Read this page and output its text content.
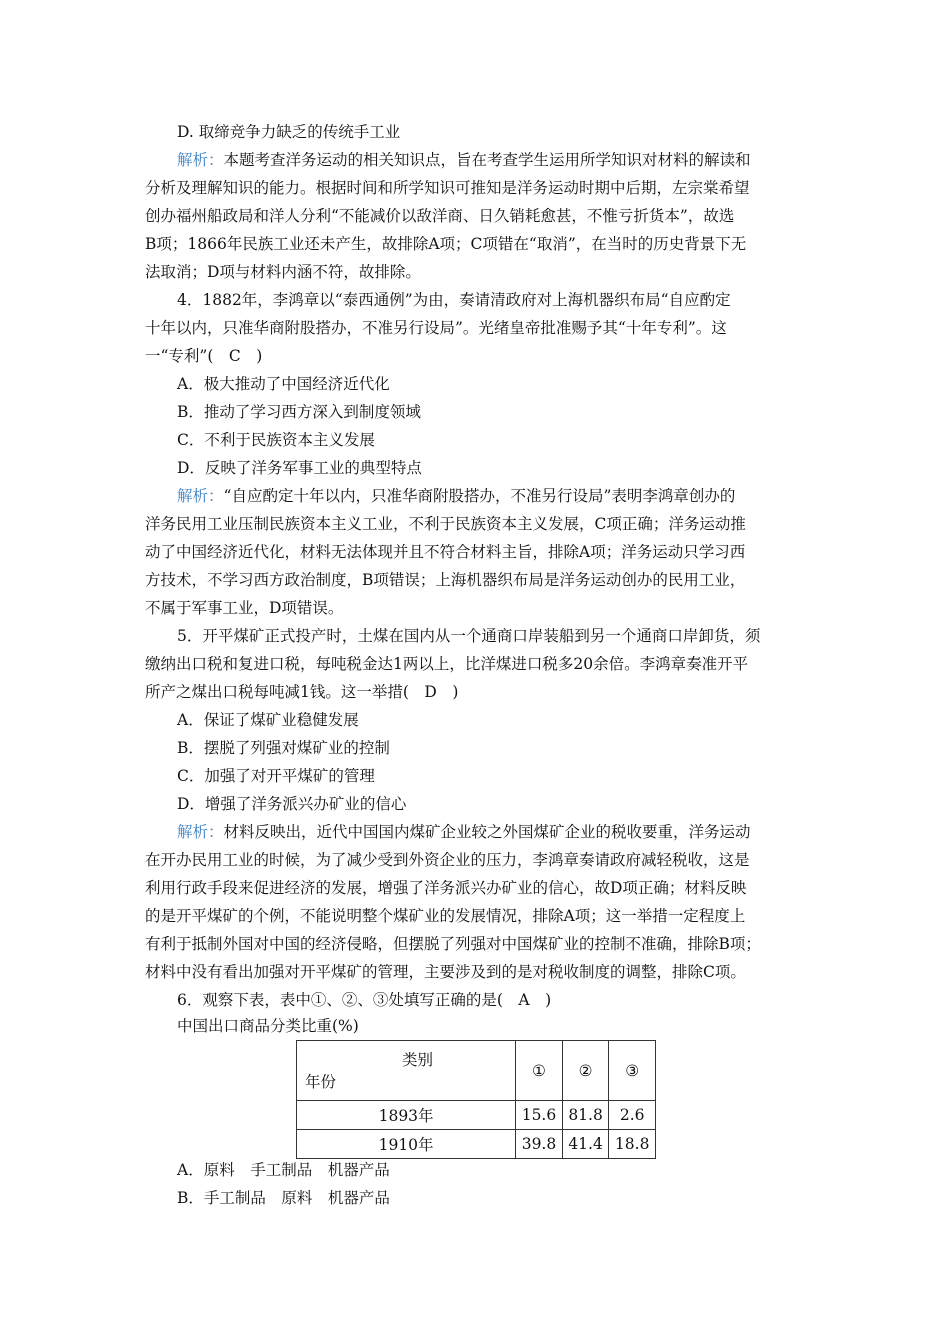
D. 取缔竞争力缺乏的传统手工业
解析：本题考查洋务运动的相关知识点，旨在考查学生运用所学知识对材料的解读和
分析及理解知识的能力。根据时间和所学知识可推知是洋务运动时期中后期，左宗棠希望
创办福州船政局和洋人分利“不能减价以敌洋商、日久销耗愈甚，不惟亏折货本”，故选
B项；1866年民族工业还未产生，故排除A项；C项错在“取消”，在当时的历史背景下无
法取消；D项与材料内涵不符，故排除。
4．1882年，李鸿章以“泰西通例”为由，奏请清政府对上海机器织布局“自应酌定
十年以内，只准华商附股搭办，不准另行设局”。光绪皇帝批准赐予其“十年专利”。这
一“专利”(　C　)
A．极大推动了中国经济近代化
B．推动了学习西方深入到制度领域
C．不利于民族资本主义发展
D．反映了洋务军事工业的典型特点
解析：“自应酌定十年以内，只准华商附股搭办，不准另行设局”表明李鸿章创办的
洋务民用工业压制民族资本主义工业，不利于民族资本主义发展，C项正确；洋务运动推
动了中国经济近代化，材料无法体现并且不符合材料主旨，排除A项；洋务运动只学习西
方技术，不学习西方政治制度，B项错误；上海机器织布局是洋务运动创办的民用工业，
不属于军事工业，D项错误。
5．开平煤矿正式投产时，土煤在国内从一个通商口岸装船到另一个通商口岸卸货，须
缴纳出口税和复进口税，每吨税金达1两以上，比洋煤进口税多20余倍。李鸿章奏准开平
所产之煤出口税每吨减1钱。这一举措(　D　)
A．保证了煤矿业稳健发展
B．摆脱了列强对煤矿业的控制
C．加强了对开平煤矿的管理
D．增强了洋务派兴办矿业的信心
解析：材料反映出，近代中国国内煤矿企业较之外国煤矿企业的税收要重，洋务运动
在开办民用工业的时候，为了减少受到外资企业的压力，李鸿章奏请政府减轻税收，这是
利用行政手段来促进经济的发展，增强了洋务派兴办矿业的信心，故D项正确；材料反映
的是开平煤矿的个例，不能说明整个煤矿业的发展情况，排除A项；这一举措一定程度上
有利于抵制外国对中国的经济侵略，但摆脱了列强对中国煤矿业的控制不准确，排除B项；
材料中没有看出加强对开平煤矿的管理，主要涉及到的是对税收制度的调整，排除C项。
6．观察下表，表中①、②、③处填写正确的是(　A　)
中国出口商品分类比重(%)
类别
年份	①	②	③
1893年	15.6	81.8	2.6
1910年	39.8	41.4	18.8
A．原料　手工制品　机器产品
B．手工制品　原料　机器产品
